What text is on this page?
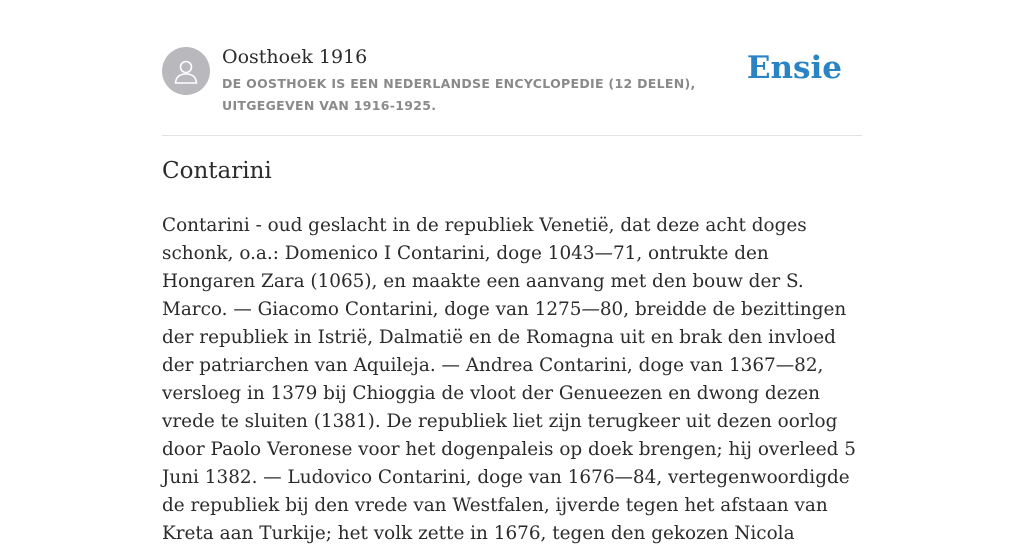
Oosthoek 1916
DE OOSTHOEK IS EEN NEDERLANDSE ENCYCLOPEDIE (12 DELEN), UITGEGEVEN VAN 1916-1925.
Ensie
Contarini

Contarini - oud geslacht in de republiek Venetië, dat deze acht doges schonk, o.a.: Domenico I Contarini, doge 1043—71, ontrukte den Hongaren Zara (1065), en maakte een aanvang met den bouw der S. Marco. — Giacomo Contarini, doge van 1275—80, breidde de bezittingen der republiek in Istrië, Dalmatië en de Romagna uit en brak den invloed der patriarchen van Aquileja. — Andrea Contarini, doge van 1367—82, versloeg in 1379 bij Chioggia de vloot der Genueezen en dwong dezen vrede te sluiten (1381). De republiek liet zijn terugkeer uit dezen oorlog door Paolo Veronese voor het dogenpaleis op doek brengen; hij overleed 5 Juni 1382. — Ludovico Contarini, doge van 1676—84, vertegenwoordigde de republiek bij den vrede van Westfalen, ijverde tegen het afstaan van Kreta aan Turkije; het volk zette in 1676, tegen den gekozen Nicola
